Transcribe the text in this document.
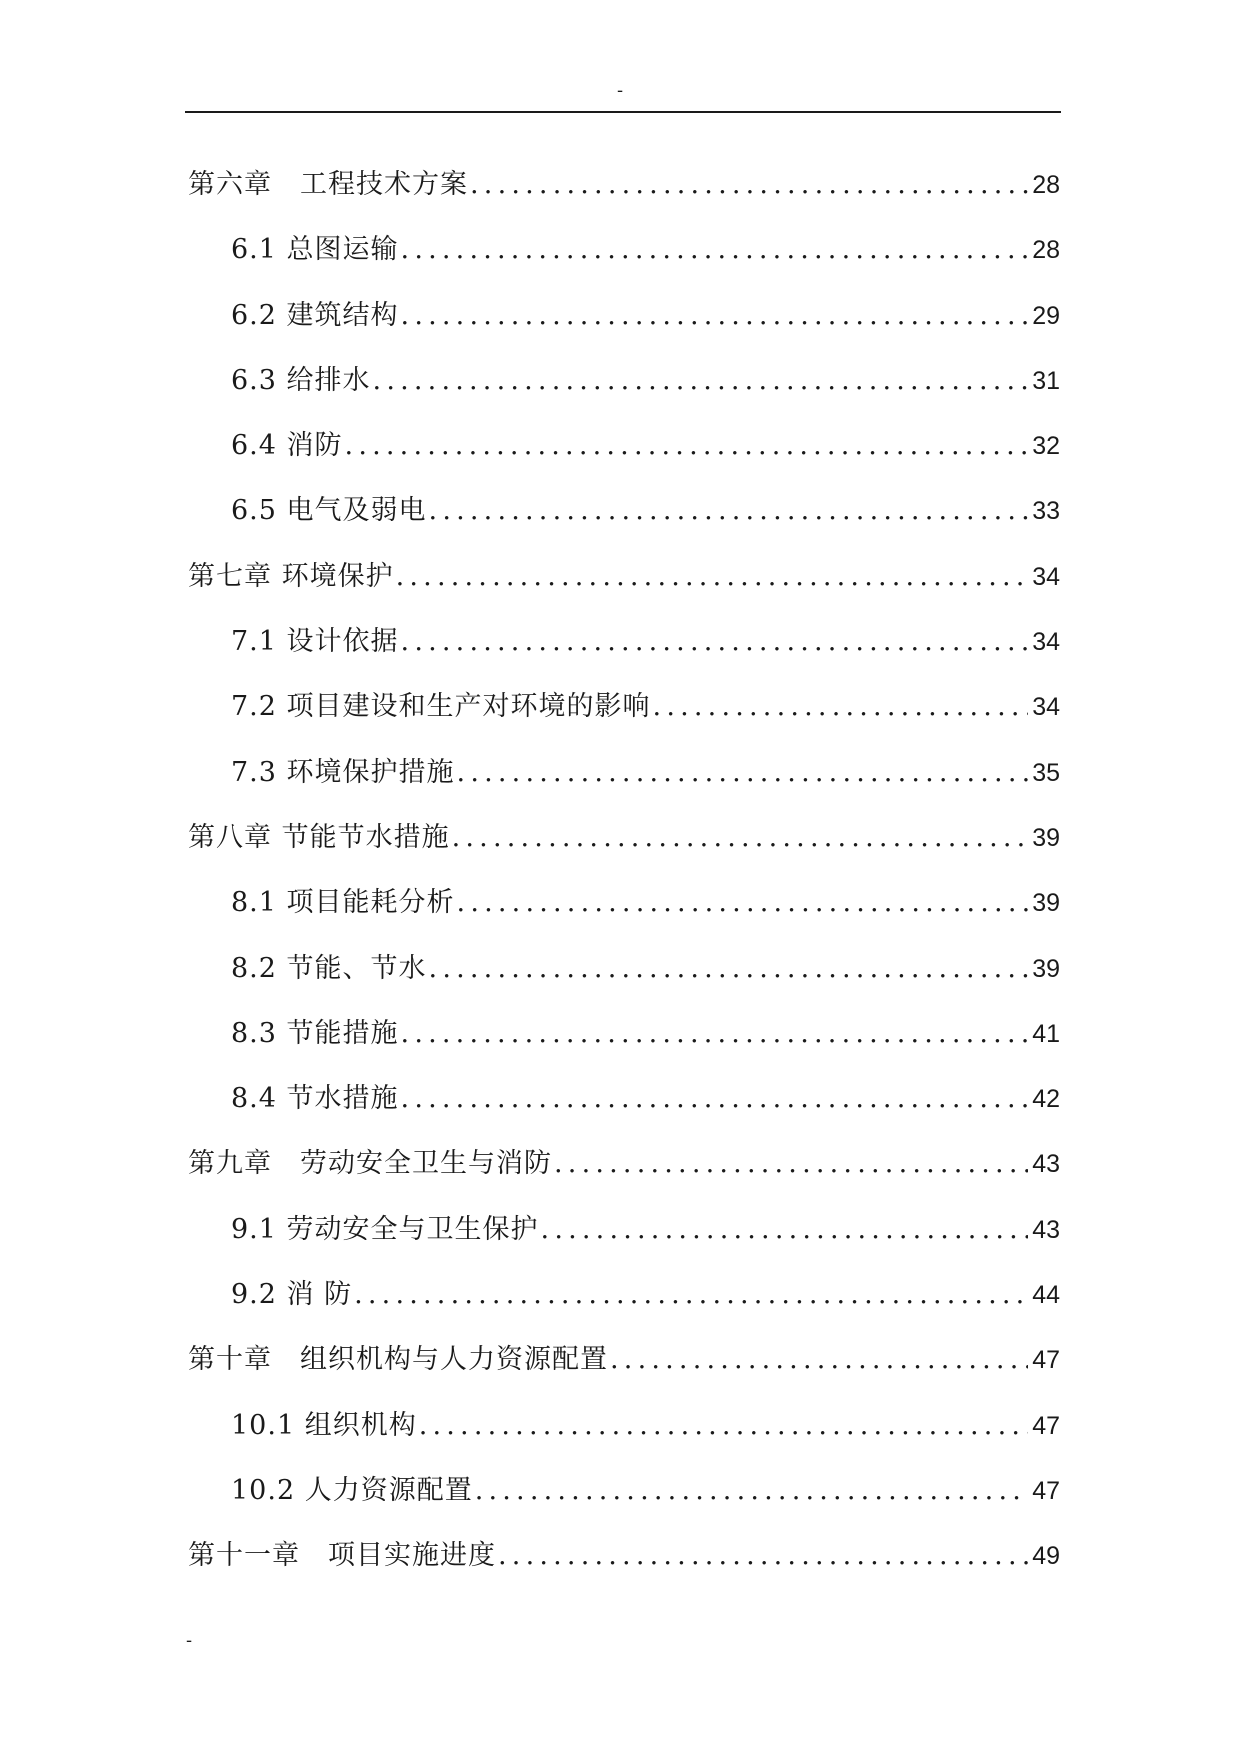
-
第六章　工程技术方案 .....	28
6.1 总图运输 .....	28
6.2 建筑结构 .....	29
6.3 给排水 .....	31
6.4 消防 .....	32
6.5 电气及弱电 .....	33
第七章 环境保护 .....	34
7.1 设计依据 .....	34
7.2 项目建设和生产对环境的影响 .....	34
7.3 环境保护措施 .....	35
第八章 节能节水措施 .....	39
8.1 项目能耗分析 .....	39
8.2 节能、节水 .....	39
8.3 节能措施 .....	41
8.4 节水措施 .....	42
第九章　劳动安全卫生与消防 .....	43
9.1 劳动安全与卫生保护 .....	43
9.2 消 防 .....	44
第十章　组织机构与人力资源配置 .....	47
10.1 组织机构 .....	47
10.2 人力资源配置 .....	47
第十一章　项目实施进度 .....	49
-
